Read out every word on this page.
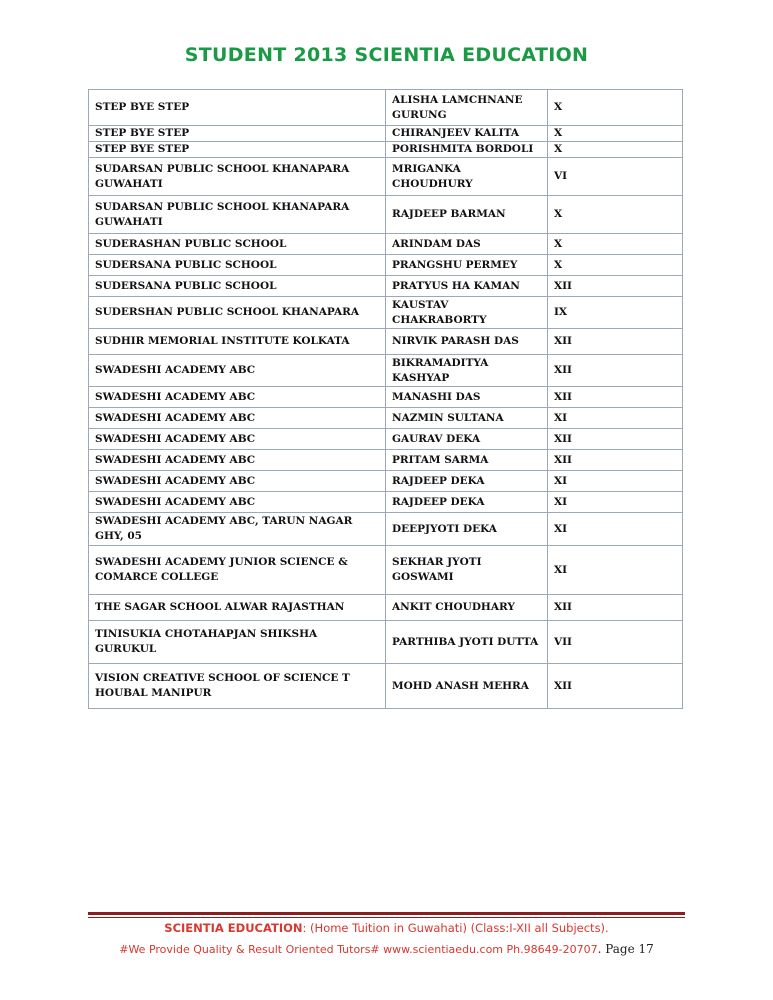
STUDENT 2013 SCIENTIA EDUCATION
STEP BYE STEP	ALISHA LAMCHNANE GURUNG	X
STEP BYE STEP	CHIRANJEEV KALITA	X
STEP BYE STEP	PORISHMITA BORDOLI	X
SUDARSAN PUBLIC SCHOOL KHANAPARA GUWAHATI	MRIGANKA CHOUDHURY	VI
SUDARSAN PUBLIC SCHOOL KHANAPARA GUWAHATI	RAJDEEP BARMAN	X
SUDERASHAN PUBLIC SCHOOL	ARINDAM DAS	X
SUDERSANA PUBLIC SCHOOL	PRANGSHU PERMEY	X
SUDERSANA PUBLIC SCHOOL	PRATYUS HA KAMAN	XII
SUDERSHAN PUBLIC SCHOOL KHANAPARA	KAUSTAV CHAKRABORTY	IX
SUDHIR MEMORIAL INSTITUTE KOLKATA	NIRVIK PARASH DAS	XII
SWADESHI ACADEMY ABC	BIKRAMADITYA KASHYAP	XII
SWADESHI ACADEMY ABC	MANASHI DAS	XII
SWADESHI ACADEMY ABC	NAZMIN SULTANA	XI
SWADESHI ACADEMY ABC	GAURAV DEKA	XII
SWADESHI ACADEMY ABC	PRITAM SARMA	XII
SWADESHI ACADEMY ABC	RAJDEEP DEKA	XI
SWADESHI ACADEMY ABC	RAJDEEP DEKA	XI
SWADESHI ACADEMY ABC, TARUN NAGAR GHY, 05	DEEPJYOTI DEKA	XI
SWADESHI ACADEMY JUNIOR SCIENCE & COMARCE COLLEGE	SEKHAR JYOTI GOSWAMI	XI
THE SAGAR SCHOOL ALWAR RAJASTHAN	ANKIT CHOUDHARY	XII
TINISUKIA CHOTAHAPJAN SHIKSHA GURUKUL	PARTHIBA JYOTI DUTTA	VII
VISION CREATIVE SCHOOL OF SCIENCE T HOUBAL MANIPUR	MOHD ANASH MEHRA	XII
SCIENTIA EDUCATION: (Home Tuition in Guwahati) (Class:I-XII all Subjects).
#We Provide Quality & Result Oriented Tutors# www.scientiaedu.com Ph.98649-20707. Page 17
